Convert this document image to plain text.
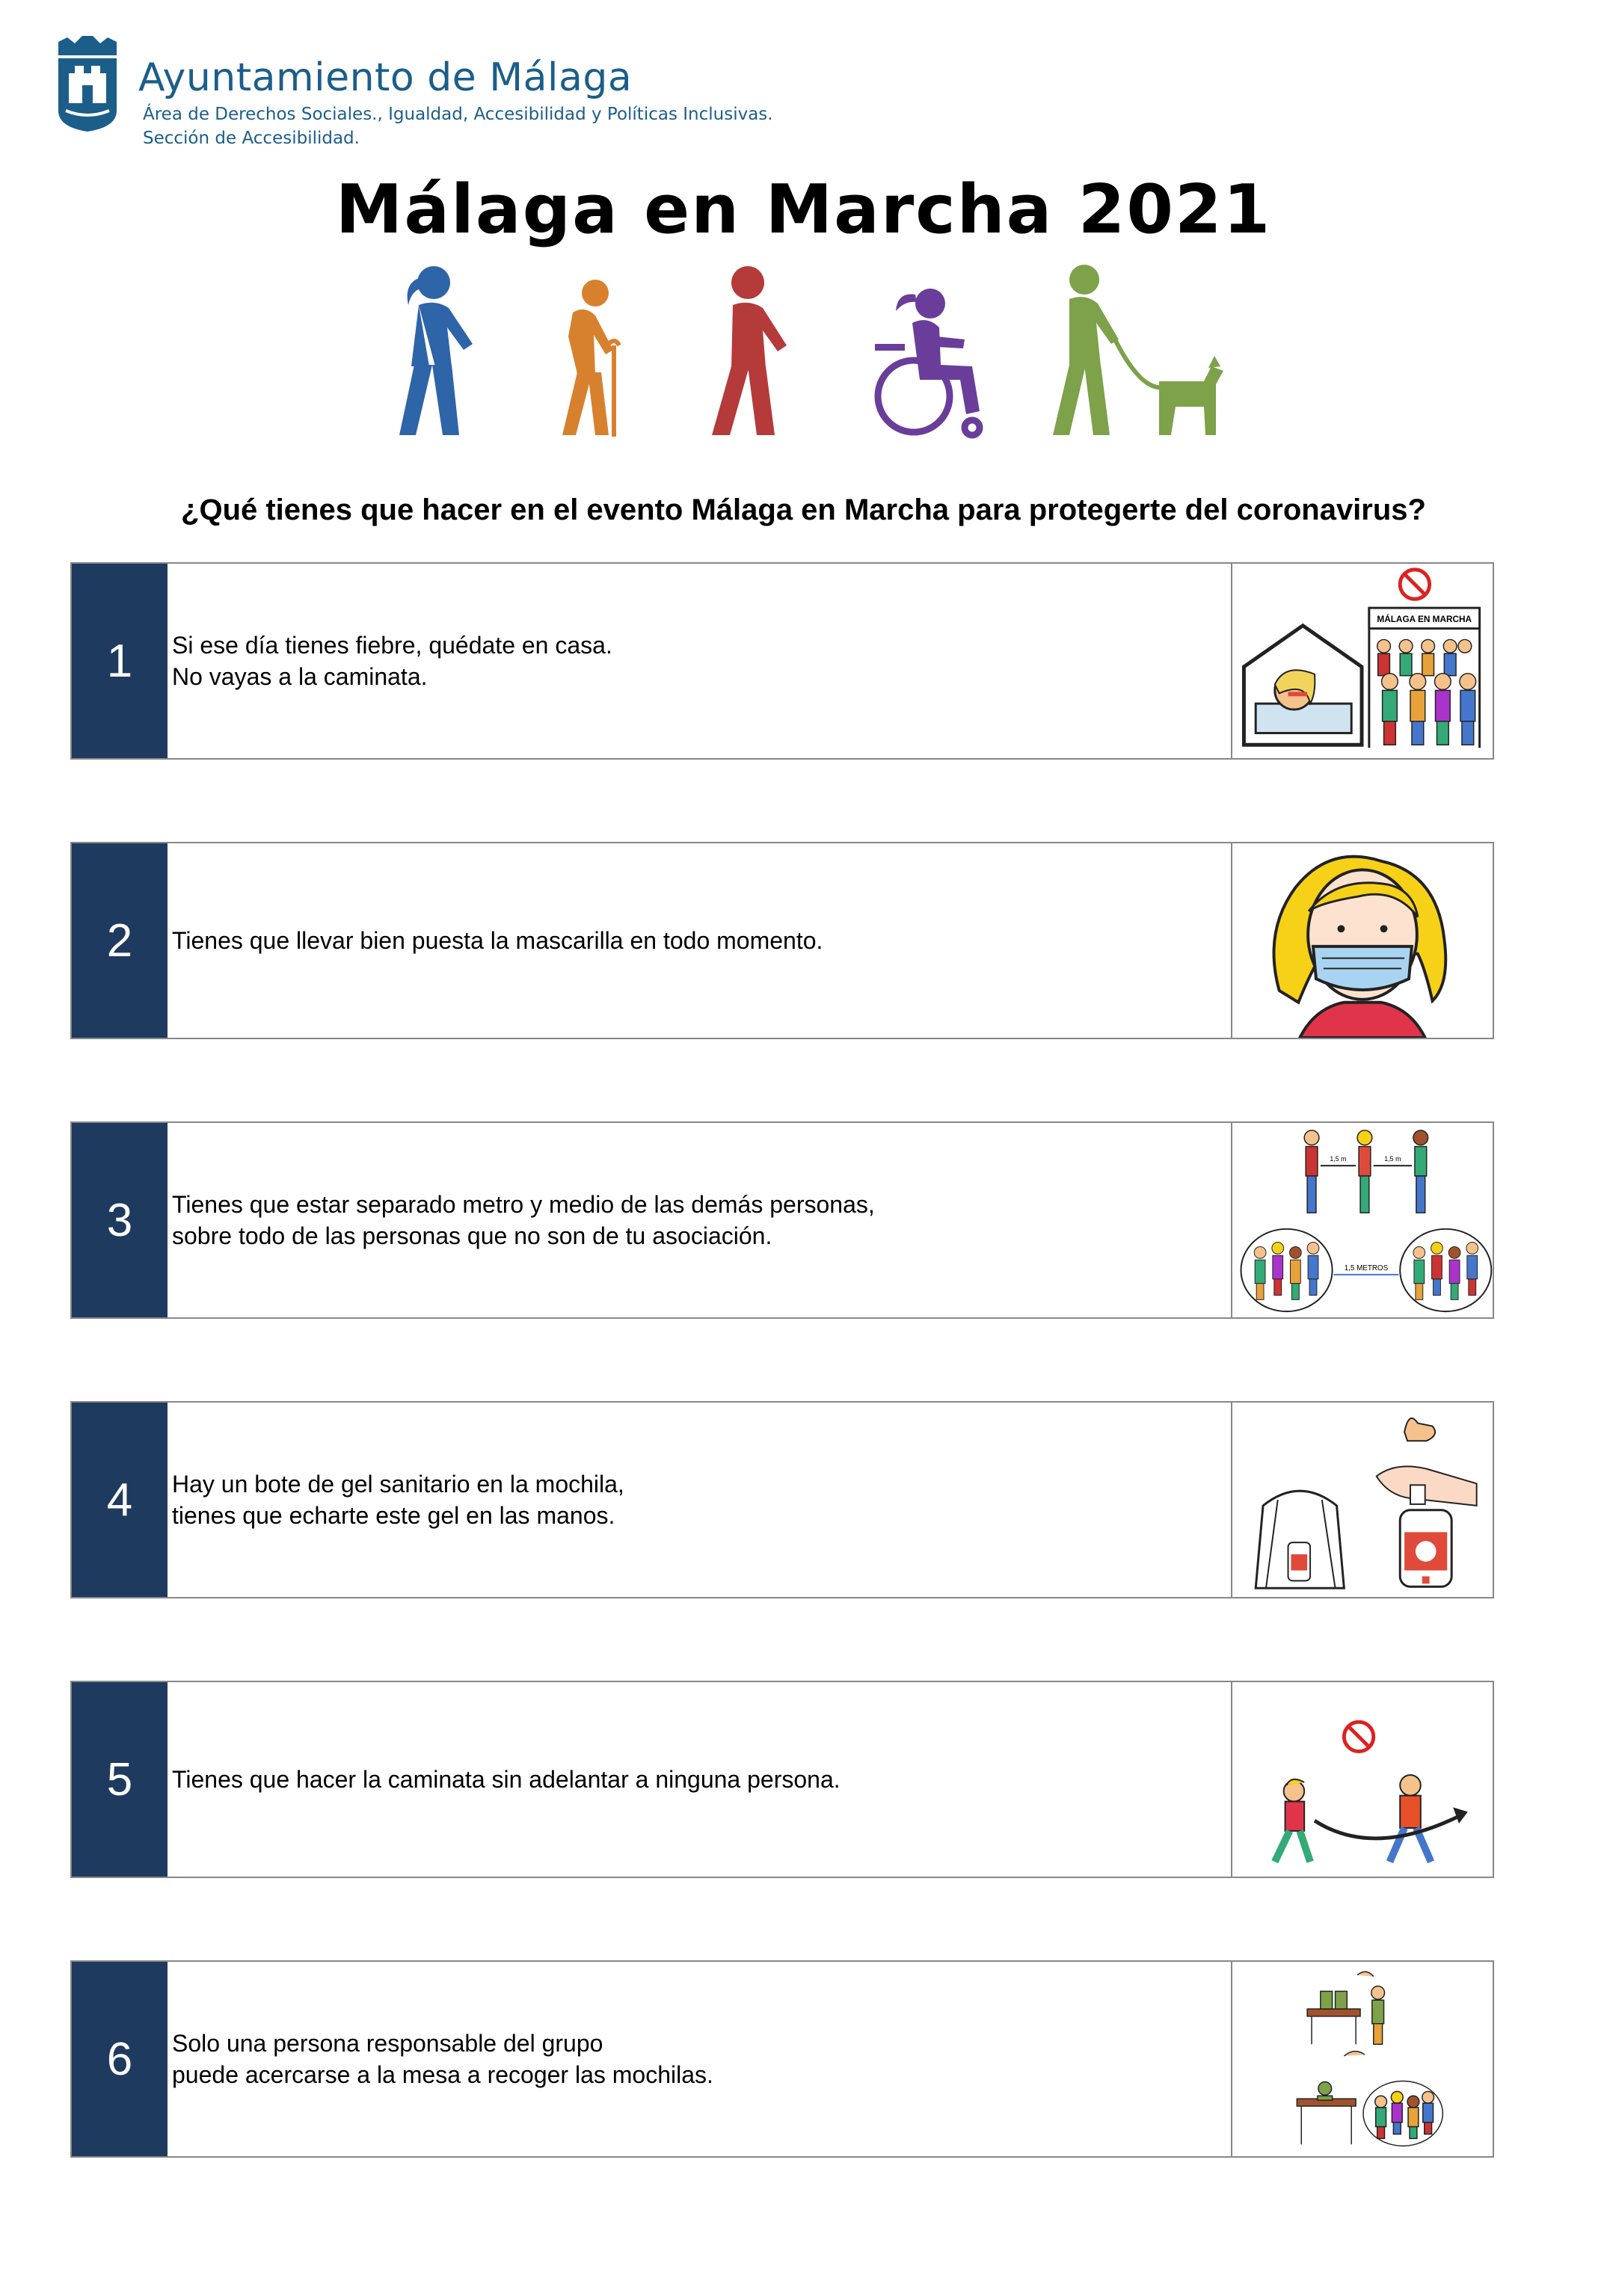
Ayuntamiento de Málaga
Área de Derechos Sociales., Igualdad, Accesibilidad y Políticas Inclusivas.
Sección de Accesibilidad.
Málaga en Marcha 2021
¿Qué tienes que hacer en el evento Málaga en Marcha para protegerte del coronavirus?
1	Si ese día tienes fiebre, quédate en casa.
No vayas a la caminata.
MÁLAGA EN MARCHA
2	Tienes que llevar bien puesta la mascarilla en todo momento.
3	Tienes que estar separado metro y medio de las demás personas,
sobre todo de las personas que no son de tu asociación.
1,5 m	1,5 m
1,5 METROS
4	Hay un bote de gel sanitario en la mochila,
tienes que echarte este gel en las manos.
5	Tienes que hacer la caminata sin adelantar a ninguna persona.
6	Solo una persona responsable del grupo
puede acercarse a la mesa a recoger las mochilas.
